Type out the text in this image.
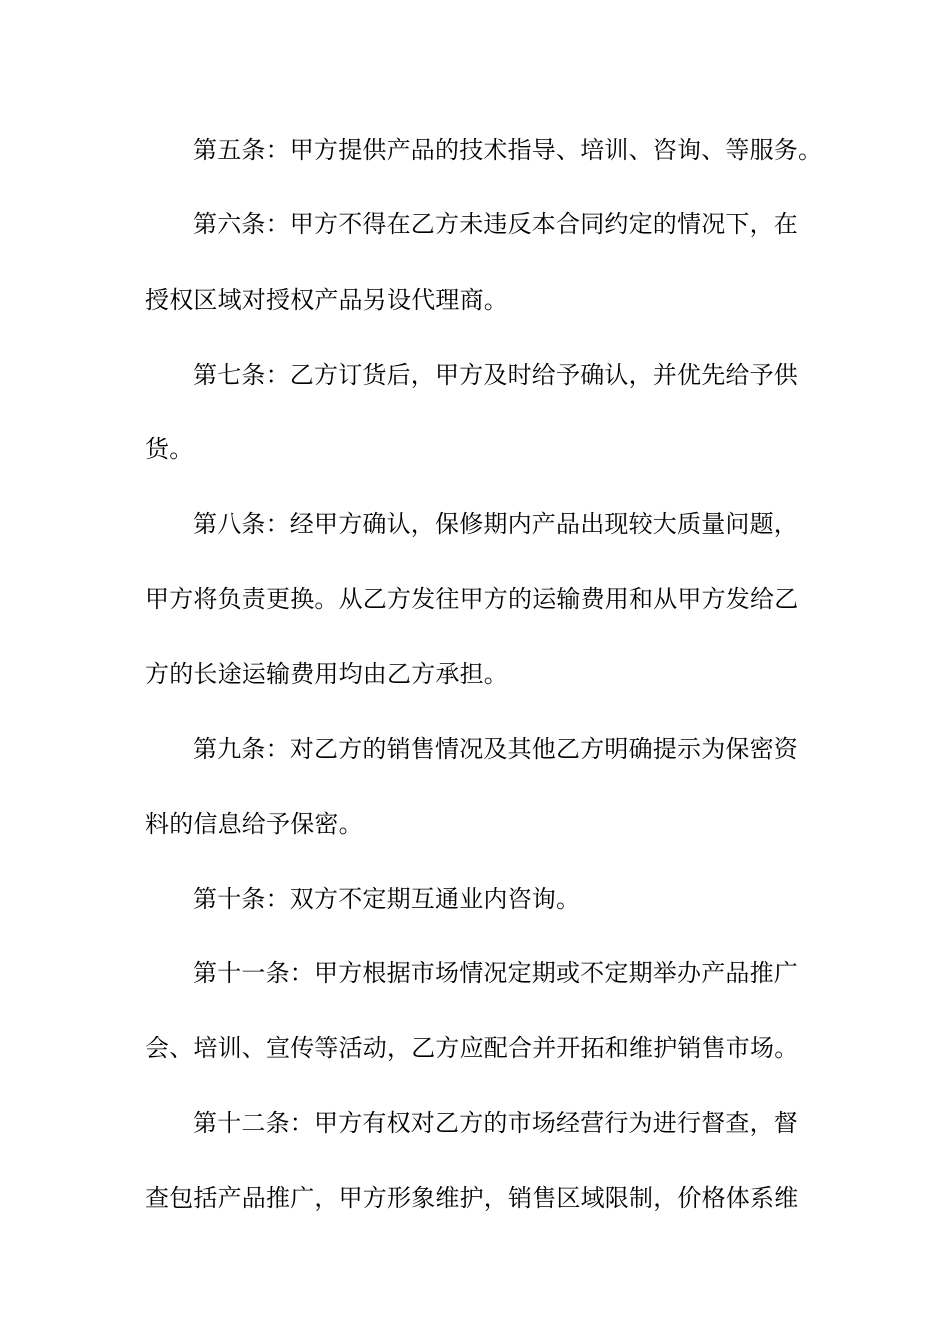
第五条：甲方提供产品的技术指导、培训、咨询、等服务。

第六条：甲方不得在乙方未违反本合同约定的情况下，在

授权区域对授权产品另设代理商。

第七条：乙方订货后，甲方及时给予确认，并优先给予供

货。

第八条：经甲方确认，保修期内产品出现较大质量问题，

甲方将负责更换。从乙方发往甲方的运输费用和从甲方发给乙

方的长途运输费用均由乙方承担。

第九条：对乙方的销售情况及其他乙方明确提示为保密资

料的信息给予保密。

第十条：双方不定期互通业内咨询。

第十一条：甲方根据市场情况定期或不定期举办产品推广

会、培训、宣传等活动，乙方应配合并开拓和维护销售市场。

第十二条：甲方有权对乙方的市场经营行为进行督查，督

查包括产品推广，甲方形象维护，销售区域限制，价格体系维
